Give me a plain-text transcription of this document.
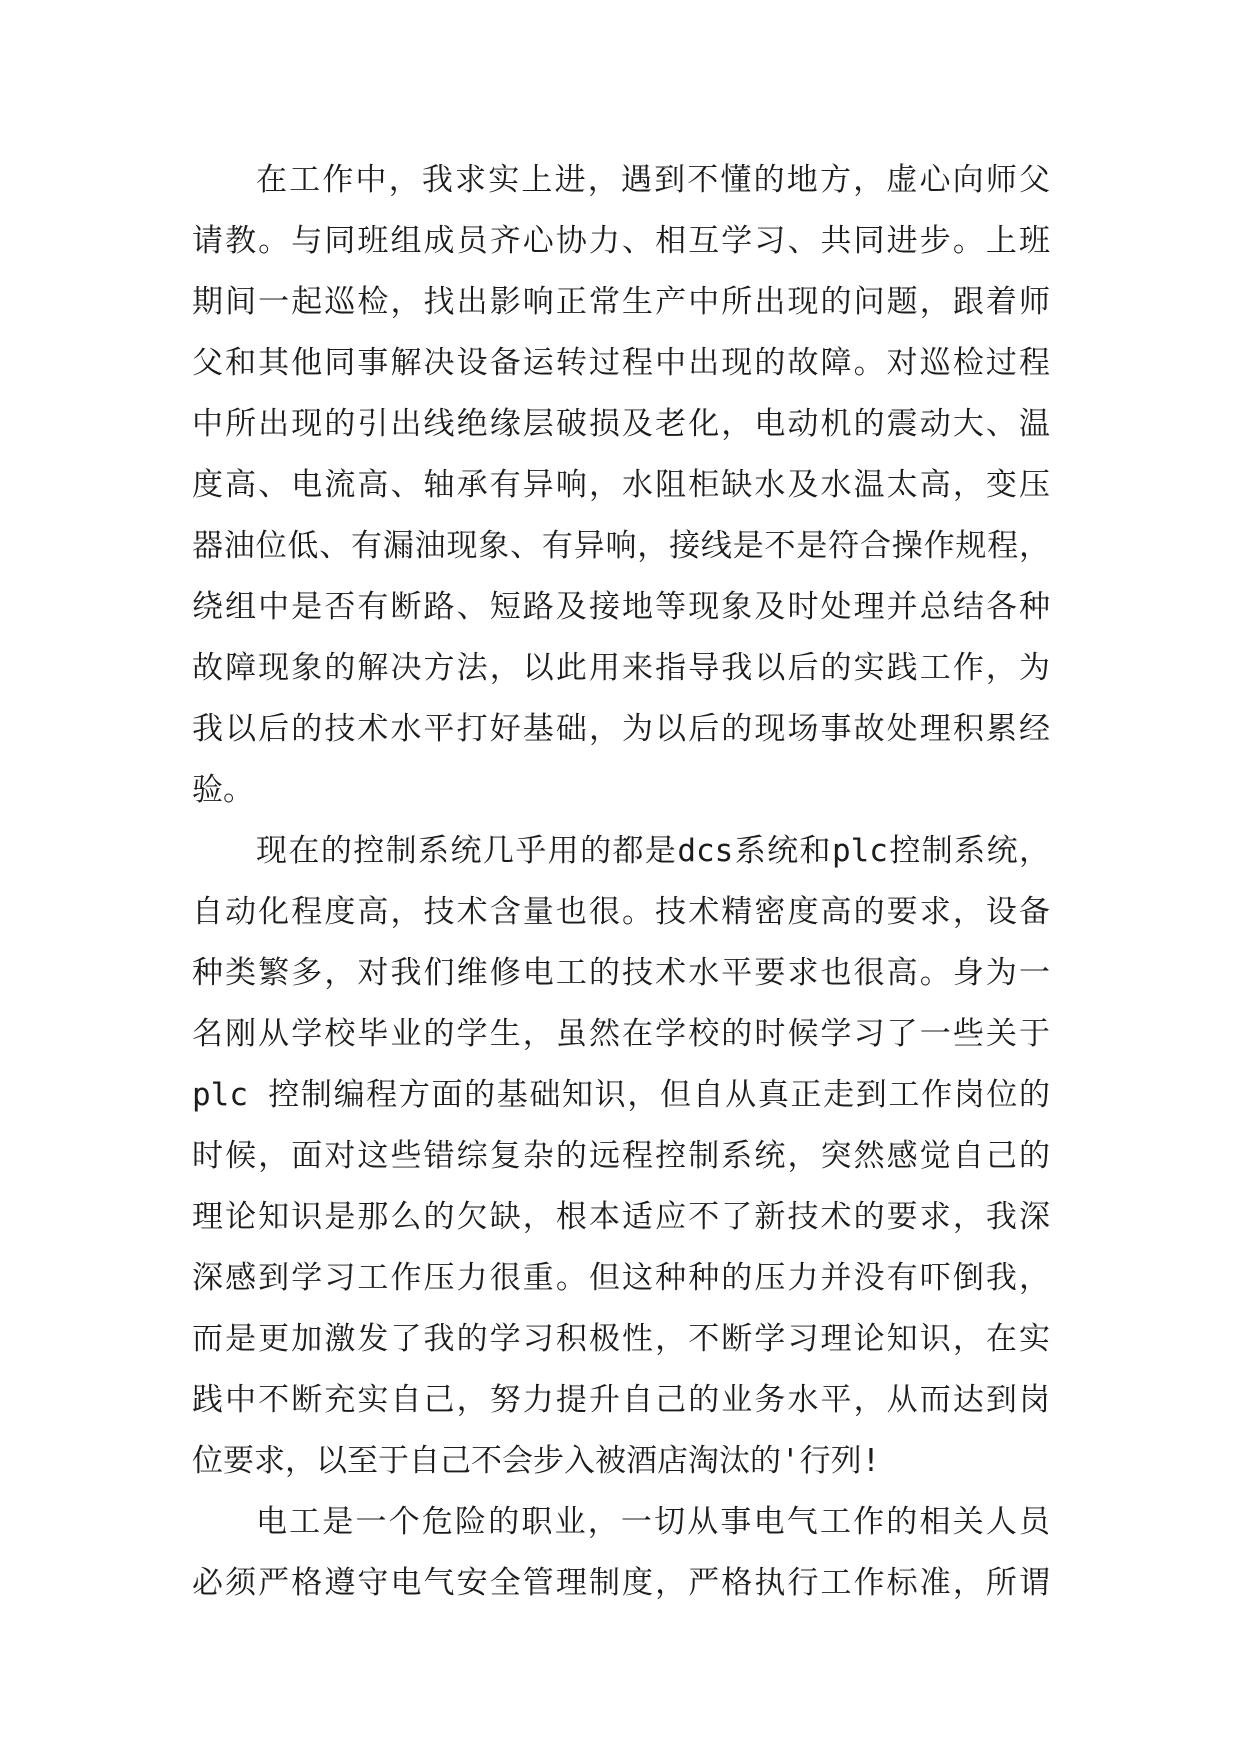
在工作中，我求实上进，遇到不懂的地方，虚心向师父
请教。与同班组成员齐心协力、相互学习、共同进步。上班
期间一起巡检，找出影响正常生产中所出现的问题，跟着师
父和其他同事解决设备运转过程中出现的故障。对巡检过程
中所出现的引出线绝缘层破损及老化，电动机的震动大、温
度高、电流高、轴承有异响，水阻柜缺水及水温太高，变压
器油位低、有漏油现象、有异响，接线是不是符合操作规程，
绕组中是否有断路、短路及接地等现象及时处理并总结各种
故障现象的解决方法，以此用来指导我以后的实践工作，为
我以后的技术水平打好基础，为以后的现场事故处理积累经
验。
现在的控制系统几乎用的都是dcs系统和plc控制系统，
自动化程度高，技术含量也很。技术精密度高的要求，设备
种类繁多，对我们维修电工的技术水平要求也很高。身为一
名刚从学校毕业的学生，虽然在学校的时候学习了一些关于
plc 控制编程方面的基础知识，但自从真正走到工作岗位的
时候，面对这些错综复杂的远程控制系统，突然感觉自己的
理论知识是那么的欠缺，根本适应不了新技术的要求，我深
深感到学习工作压力很重。但这种种的压力并没有吓倒我，
而是更加激发了我的学习积极性，不断学习理论知识，在实
践中不断充实自己，努力提升自己的业务水平，从而达到岗
位要求，以至于自己不会步入被酒店淘汰的'行列!
电工是一个危险的职业，一切从事电气工作的相关人员
必须严格遵守电气安全管理制度，严格执行工作标准，所谓
